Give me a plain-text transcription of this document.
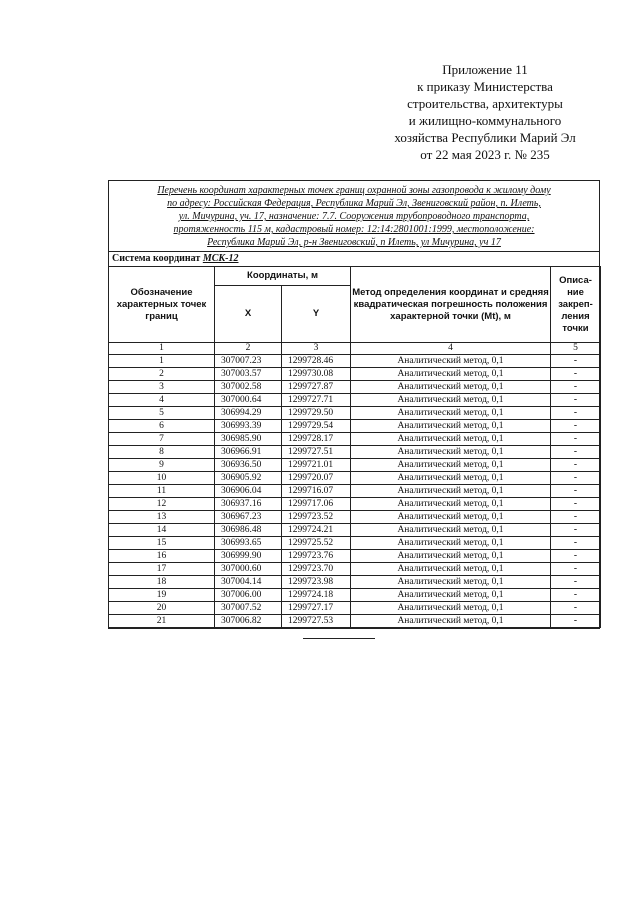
Приложение 11
к приказу Министерства
строительства, архитектуры
и жилищно-коммунального
хозяйства Республики Марий Эл
от 22 мая 2023 г. № 235
Перечень координат характерных точек границ охранной зоны газопровода к жилому дому
по адресу: Российская Федерация, Республика Марий Эл, Звениговский район, п. Илеть,
ул. Мичурина, уч. 17, назначение: 7.7. Сооружения трубопроводного транспорта,
протяженность 115 м, кадастровый номер: 12:14:2801001:1999, местоположение:
Республика Марий Эл, р-н Звениговский, п Илеть, ул Мичурина, уч 17
Система координат МСК-12
Обозначение характерных точек границ	Координаты, м		Метод определения координат и средняя квадратическая погрешность положения характерной точки (Mt), м	Описа-ние закреп-ления точки
	X	Y		
1	2	3	4	5
1	307007.23	1299728.46	Аналитический метод, 0,1	-
2	307003.57	1299730.08	Аналитический метод, 0,1	-
3	307002.58	1299727.87	Аналитический метод, 0,1	-
4	307000.64	1299727.71	Аналитический метод, 0,1	-
5	306994.29	1299729.50	Аналитический метод, 0,1	-
6	306993.39	1299729.54	Аналитический метод, 0,1	-
7	306985.90	1299728.17	Аналитический метод, 0,1	-
8	306966.91	1299727.51	Аналитический метод, 0,1	-
9	306936.50	1299721.01	Аналитический метод, 0,1	-
10	306905.92	1299720.07	Аналитический метод, 0,1	-
11	306906.04	1299716.07	Аналитический метод, 0,1	-
12	306937.16	1299717.06	Аналитический метод, 0,1	-
13	306967.23	1299723.52	Аналитический метод, 0,1	-
14	306986.48	1299724.21	Аналитический метод, 0,1	-
15	306993.65	1299725.52	Аналитический метод, 0,1	-
16	306999.90	1299723.76	Аналитический метод, 0,1	-
17	307000.60	1299723.70	Аналитический метод, 0,1	-
18	307004.14	1299723.98	Аналитический метод, 0,1	-
19	307006.00	1299724.18	Аналитический метод, 0,1	-
20	307007.52	1299727.17	Аналитический метод, 0,1	-
21	307006.82	1299727.53	Аналитический метод, 0,1	-
